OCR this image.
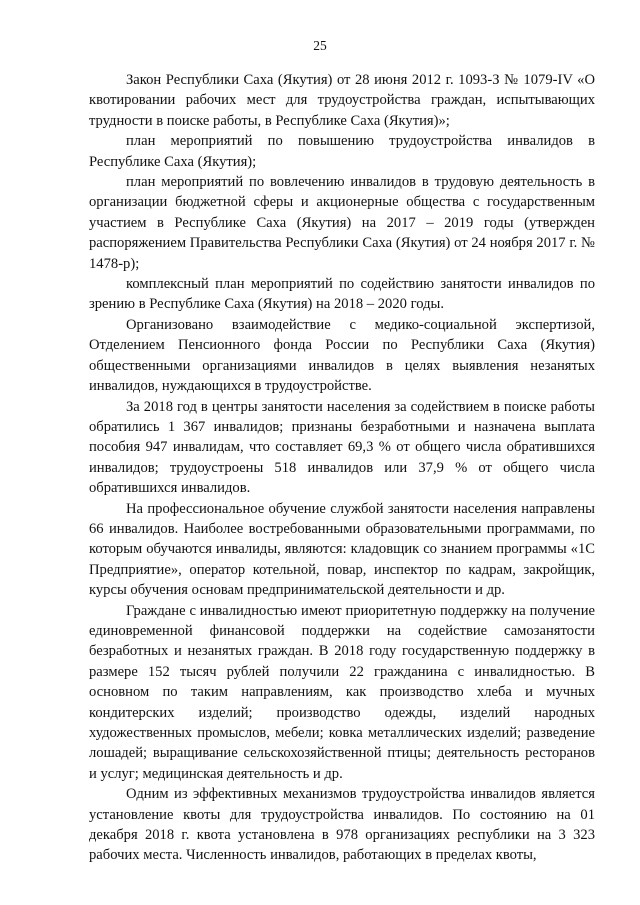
25

Закон Республики Саха (Якутия) от 28 июня 2012 г. 1093-З № 1079-IV «О квотировании рабочих мест для трудоустройства граждан, испытывающих трудности в поиске работы, в Республике Саха (Якутия)»;

план мероприятий по повышению трудоустройства инвалидов в Республике Саха (Якутия);

план мероприятий по вовлечению инвалидов в трудовую деятельность в организации бюджетной сферы и акционерные общества с государственным участием в Республике Саха (Якутия) на 2017 – 2019 годы (утвержден распоряжением Правительства Республики Саха (Якутия) от 24 ноября 2017 г. № 1478-р);

комплексный план мероприятий по содействию занятости инвалидов по зрению в Республике Саха (Якутия) на 2018 – 2020 годы.

Организовано взаимодействие с медико-социальной экспертизой, Отделением Пенсионного фонда России по Республики Саха (Якутия) общественными организациями инвалидов в целях выявления незанятых инвалидов, нуждающихся в трудоустройстве.

За 2018 год в центры занятости населения за содействием в поиске работы обратились 1 367 инвалидов; признаны безработными и назначена выплата пособия 947 инвалидам, что составляет 69,3 % от общего числа обратившихся инвалидов; трудоустроены 518 инвалидов или 37,9 % от общего числа обратившихся инвалидов.

На профессиональное обучение службой занятости населения направлены 66 инвалидов. Наиболее востребованными образовательными программами, по которым обучаются инвалиды, являются: кладовщик со знанием программы «1С Предприятие», оператор котельной, повар, инспектор по кадрам, закройщик, курсы обучения основам предпринимательской деятельности и др.

Граждане с инвалидностью имеют приоритетную поддержку на получение единовременной финансовой поддержки на содействие самозанятости безработных и незанятых граждан. В 2018 году государственную поддержку в размере 152 тысяч рублей получили 22 гражданина с инвалидностью. В основном по таким направлениям, как производство хлеба и мучных кондитерских изделий; производство одежды, изделий народных художественных промыслов, мебели; ковка металлических изделий; разведение лошадей; выращивание сельскохозяйственной птицы; деятельность ресторанов и услуг; медицинская деятельность и др.

Одним из эффективных механизмов трудоустройства инвалидов является установление квоты для трудоустройства инвалидов. По состоянию на 01 декабря 2018 г. квота установлена в 978 организациях республики на 3 323 рабочих места. Численность инвалидов, работающих в пределах квоты,
